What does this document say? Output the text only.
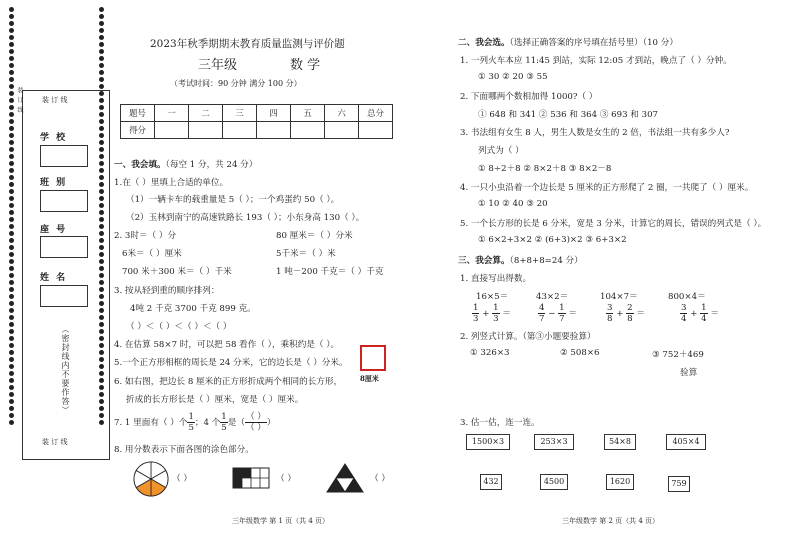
装 订 线
学 校
班 别
座 号
姓 名
（密封线内不要作答）
装 订 线
装 订 线
2023年秋季期期末教育质量监测与评价题
三年级	数 学
（考试时间：90 分钟 满分 100 分）
题号	一	二	三	四	五	六	总分
得分							
一、我会填。（每空 1 分，共 24 分）
1.在（ ）里填上合适的单位。
（1）一辆卡车的载重量是 5（ ）；一个鸡蛋约 50（ ）。
（2）玉林到南宁的高速铁路长 193（ ）；小东身高 130（ ）。
2. 3时＝（ ）分	80 厘米＝（ ）分米
6米＝（ ）厘米	5千米＝（ ）米
700 米＋300 米＝（ ）千米	1 吨－200 千克＝（ ）千克
3. 按从轻到重的顺序排列：
4吨 2 千克 3700 千克 899 克。
（ ）＜（ ）＜（ ）＜（ ）
4. 在估算 58×7 时，可以把 58 看作（ ），乘积约是（ ）。
5.一个正方形相框的周长是 24 分米，它的边长是（ ）分米。
6. 如右图，把边长 8 厘米的正方形折成两个相同的长方形，
折成的长方形长是（ ）厘米，宽是（ ）厘米。
8厘米
7. 1 里面有（ ）个 $\frac{1}{5}$ ；4 个 $\frac{1}{5}$ 是（ $\frac{( )}{( )}$ ）
8. 用分数表示下面各图的涂色部分。
（ ）	（ ）	（ ）
三年级数学 第 1 页（共 4 页）
二、我会选。（选择正确答案的序号填在括号里）（10 分）
1. 一列火车本应 11:45 到站，实际 12:05 才到站，晚点了（ ）分钟。
① 30 ② 20 ③ 55
2. 下面哪两个数相加得 1000?（ ）
① 648 和 341 ② 536 和 364 ③ 693 和 307
3. 书法组有女生 8 人，男生人数是女生的 2 倍，书法组一共有多少人?
列式为（ ）
① 8÷2＋8 ② 8×2＋8 ③ 8×2－8
4. 一只小虫沿着一个边长是 5 厘米的正方形爬了 2 圈，一共爬了（ ）厘米。
① 10 ② 40 ③ 20
5. 一个长方形的长是 6 分米，宽是 3 分米，计算它的周长，错误的列式是（ ）。
① 6×2+3×2 ② (6+3)×2 ③ 6+3×2
三、我会算。（8+8+8=24 分）
1. 直接写出得数。
16×5＝	43×2＝	104×7＝	800×4＝
$\frac{1}{3} + \frac{1}{3}$ ＝	$\frac{4}{7} - \frac{1}{7}$ ＝	$\frac{3}{8} + \frac{2}{8}$ ＝	$\frac{3}{4} + \frac{1}{4}$ ＝
2. 列竖式计算。（第③小题要验算）
① 326×3	② 508×6	③ 752＋469
验算
3. 估一估，连一连。
1500×3	253×3	54×8	405×4
432	4500	1620	759
三年级数学 第 2 页（共 4 页）
